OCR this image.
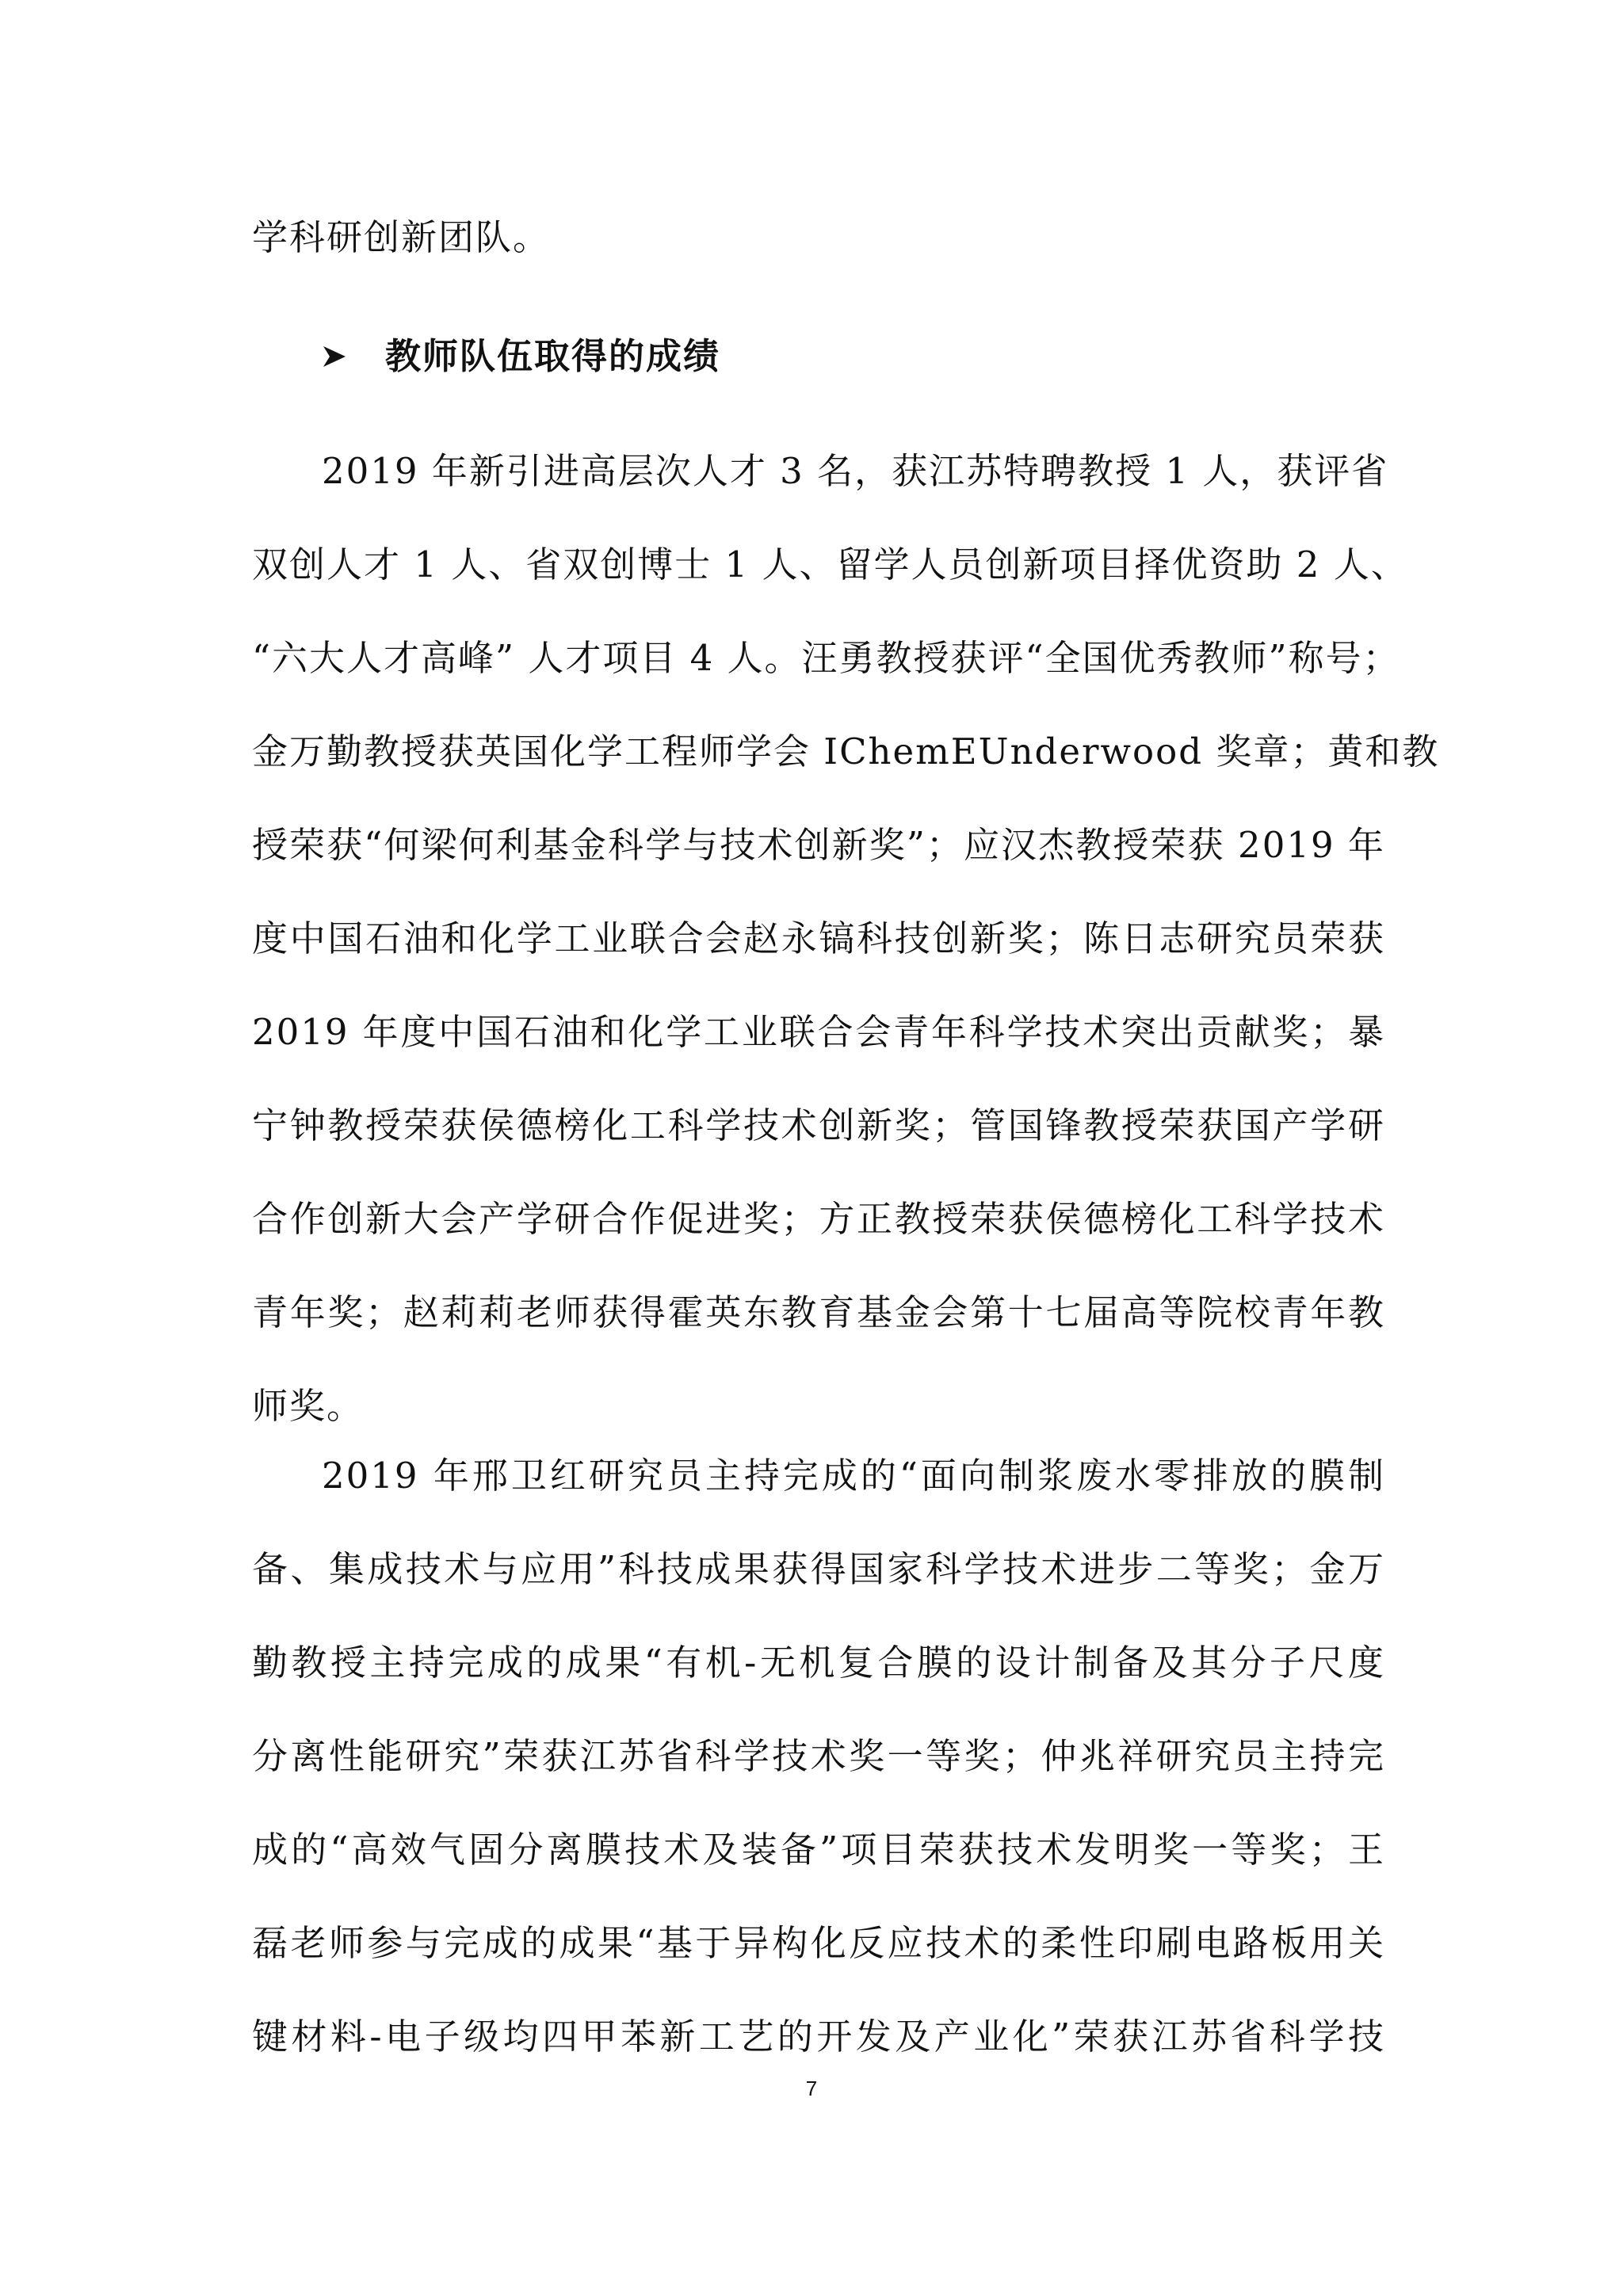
学科研创新团队。
教师队伍取得的成绩
2019 年新引进高层次人才 3 名，获江苏特聘教授 1 人，获评省
双创人才 1 人、省双创博士 1 人、留学人员创新项目择优资助 2 人、
“六大人才高峰” 人才项目 4 人。汪勇教授获评“全国优秀教师”称号；
金万勤教授获英国化学工程师学会 IChemEUnderwood 奖章；黄和教
授荣获“何梁何利基金科学与技术创新奖”；应汉杰教授荣获 2019 年
度中国石油和化学工业联合会赵永镐科技创新奖；陈日志研究员荣获
2019 年度中国石油和化学工业联合会青年科学技术突出贡献奖；暴
宁钟教授荣获侯德榜化工科学技术创新奖；管国锋教授荣获国产学研
合作创新大会产学研合作促进奖；方正教授荣获侯德榜化工科学技术
青年奖；赵莉莉老师获得霍英东教育基金会第十七届高等院校青年教
师奖。
2019 年邢卫红研究员主持完成的“面向制浆废水零排放的膜制
备、集成技术与应用”科技成果获得国家科学技术进步二等奖；金万
勤教授主持完成的成果“有机-无机复合膜的设计制备及其分子尺度
分离性能研究”荣获江苏省科学技术奖一等奖；仲兆祥研究员主持完
成的“高效气固分离膜技术及装备”项目荣获技术发明奖一等奖；王
磊老师参与完成的成果“基于异构化反应技术的柔性印刷电路板用关
键材料-电子级均四甲苯新工艺的开发及产业化”荣获江苏省科学技
7
